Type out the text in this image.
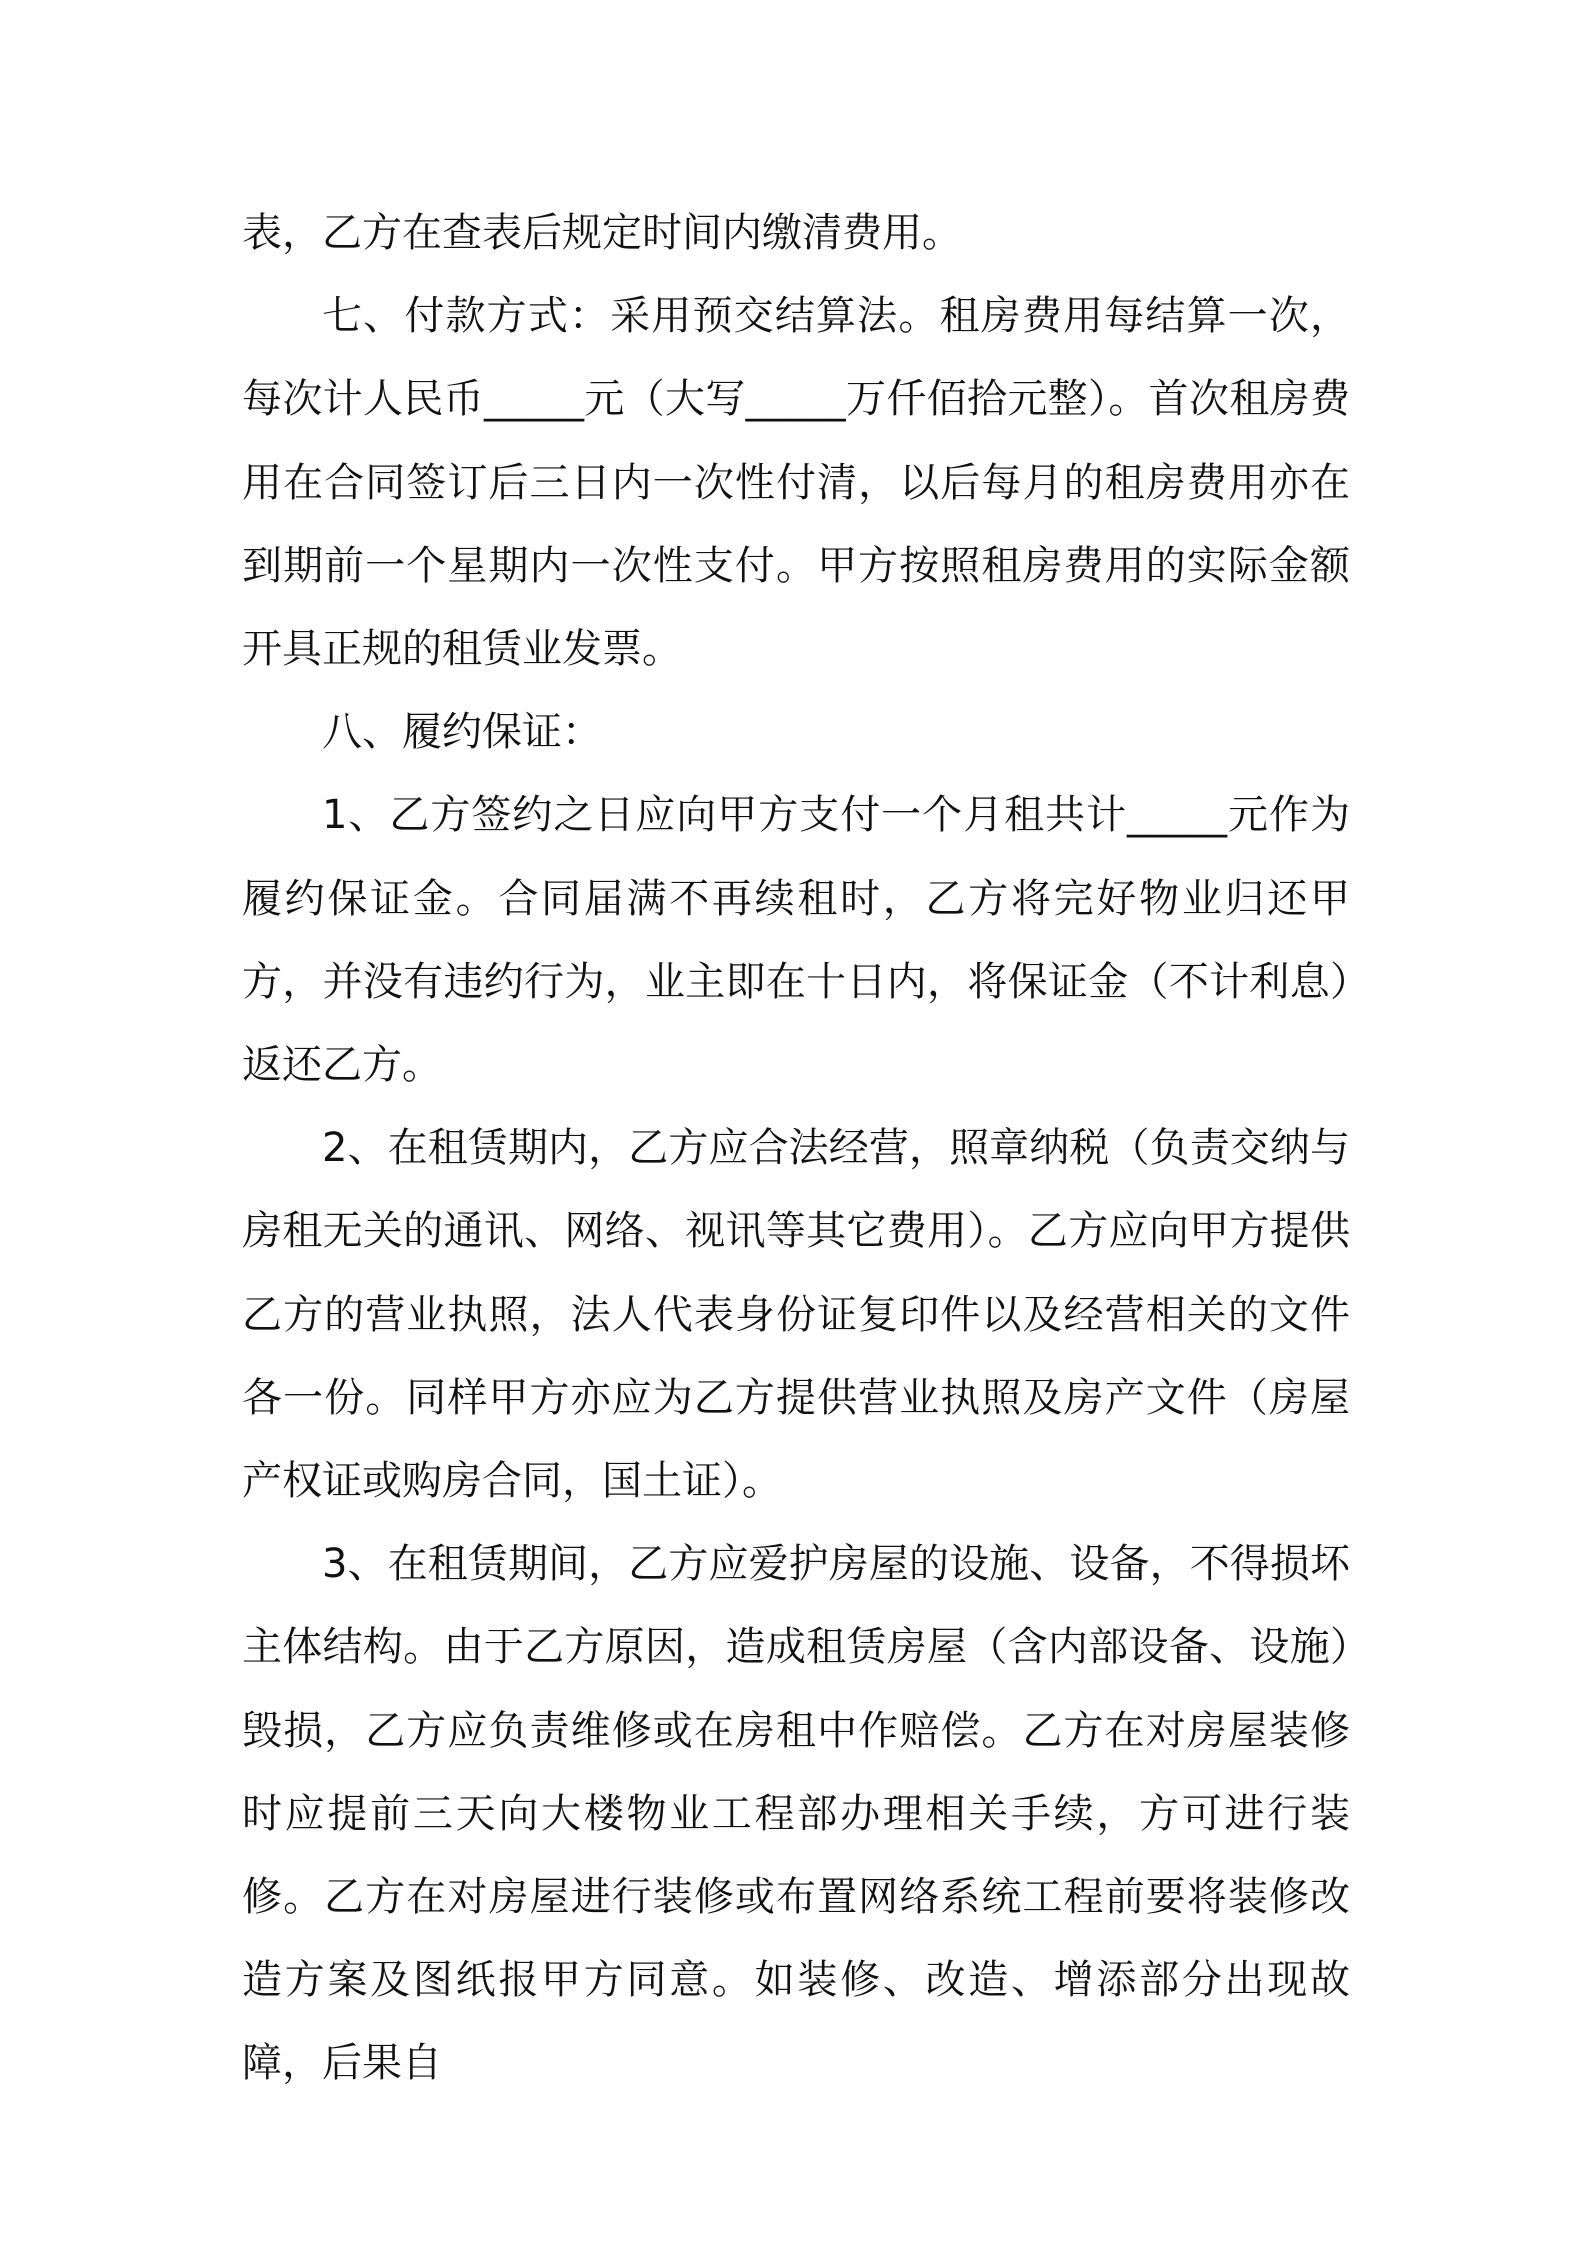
表，乙方在查表后规定时间内缴清费用。

七、付款方式：采用预交结算法。租房费用每结算一次，每次计人民币_____元（大写_____万仟佰拾元整）。首次租房费用在合同签订后三日内一次性付清，以后每月的租房费用亦在到期前一个星期内一次性支付。甲方按照租房费用的实际金额开具正规的租赁业发票。

八、履约保证：

1、乙方签约之日应向甲方支付一个月租共计_____元作为履约保证金。合同届满不再续租时，乙方将完好物业归还甲方，并没有违约行为，业主即在十日内，将保证金（不计利息）返还乙方。

2、在租赁期内，乙方应合法经营，照章纳税（负责交纳与房租无关的通讯、网络、视讯等其它费用）。乙方应向甲方提供乙方的营业执照，法人代表身份证复印件以及经营相关的文件各一份。同样甲方亦应为乙方提供营业执照及房产文件（房屋产权证或购房合同，国土证）。

3、在租赁期间，乙方应爱护房屋的设施、设备，不得损坏主体结构。由于乙方原因，造成租赁房屋（含内部设备、设施）毁损，乙方应负责维修或在房租中作赔偿。乙方在对房屋装修时应提前三天向大楼物业工程部办理相关手续，方可进行装修。乙方在对房屋进行装修或布置网络系统工程前要将装修改造方案及图纸报甲方同意。如装修、改造、增添部分出现故障，后果自
